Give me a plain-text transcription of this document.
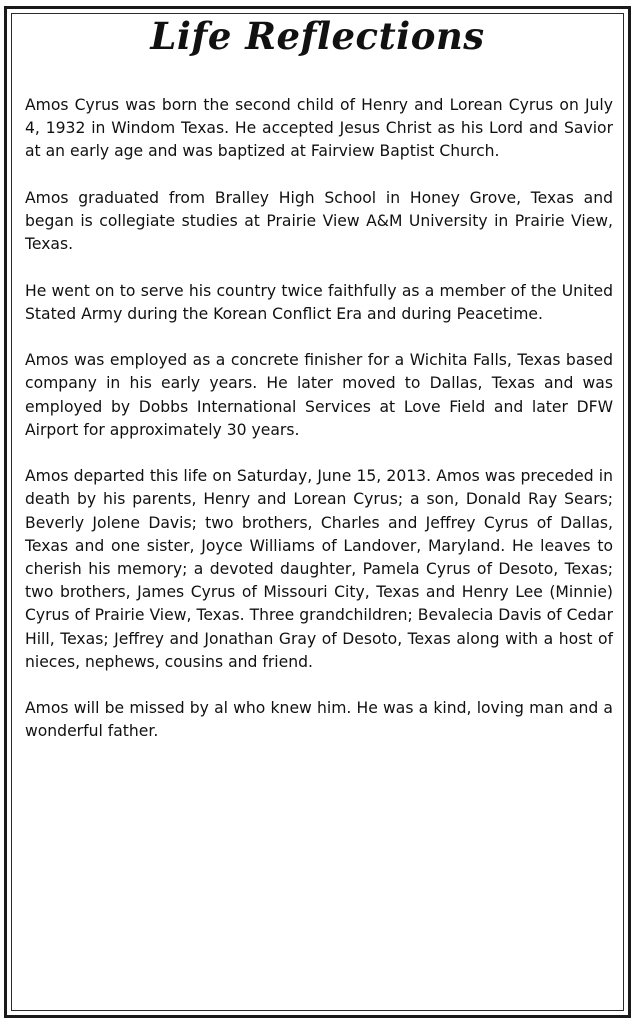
Life Reflections

Amos Cyrus was born the second child of Henry and Lorean Cyrus on July 4, 1932 in Windom Texas. He accepted Jesus Christ as his Lord and Savior at an early age and was baptized at Fairview Baptist Church.

Amos graduated from Bralley High School in Honey Grove, Texas and began is collegiate studies at Prairie View A&M University in Prairie View, Texas.

He went on to serve his country twice faithfully as a member of the United Stated Army during the Korean Conflict Era and during Peacetime.

Amos was employed as a concrete finisher for a Wichita Falls, Texas based company in his early years. He later moved to Dallas, Texas and was employed by Dobbs International Services at Love Field and later DFW Airport for approximately 30 years.

Amos departed this life on Saturday, June 15, 2013. Amos was preceded in death by his parents, Henry and Lorean Cyrus; a son, Donald Ray Sears; Beverly Jolene Davis; two brothers, Charles and Jeffrey Cyrus of Dallas, Texas and one sister, Joyce Williams of Landover, Maryland. He leaves to cherish his memory; a devoted daughter, Pamela Cyrus of Desoto, Texas; two brothers, James Cyrus of Missouri City, Texas and Henry Lee (Minnie) Cyrus of Prairie View, Texas. Three grandchildren; Bevalecia Davis of Cedar Hill, Texas; Jeffrey and Jonathan Gray of Desoto, Texas along with a host of nieces, nephews, cousins and friend.

Amos will be missed by al who knew him. He was a kind, loving man and a wonderful father.
